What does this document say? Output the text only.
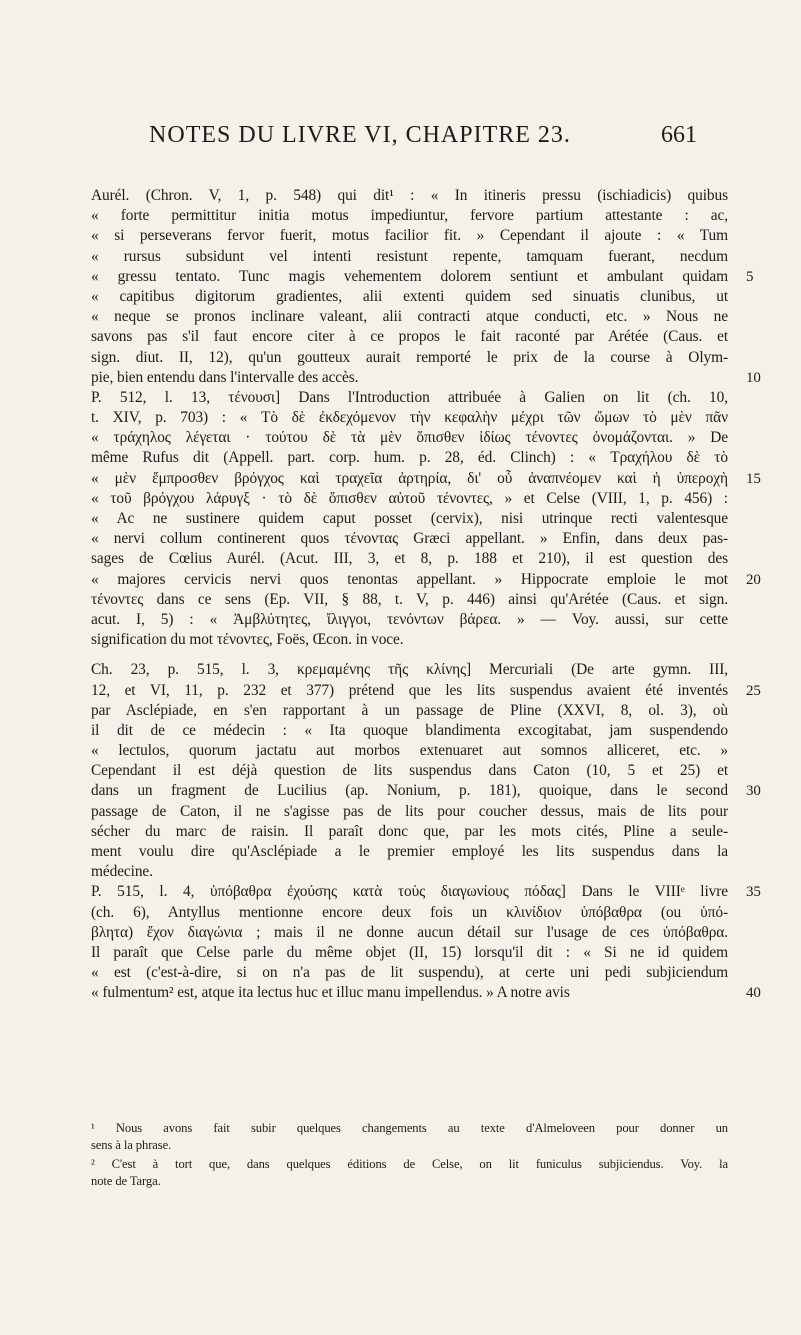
NOTES DU LIVRE VI, CHAPITRE 23.	661
Aurél. (Chron. V, 1, p. 548) qui dit¹ : « In itineris pressu (ischiadicis) quibus
« forte permittitur initia motus impediuntur, fervore partium attestante : ac,
« si perseverans fervor fuerit, motus facilior fit. » Cependant il ajoute : « Tum
« rursus subsidunt vel intenti resistunt repente, tamquam fuerant, necdum
« gressu tentato. Tunc magis vehementem dolorem sentiunt et ambulant quidam 5
« capitibus digitorum gradientes, alii extenti quidem sed sinuatis clunibus, ut
« neque se pronos inclinare valeant, alii contracti atque conducti, etc. » Nous ne
savons pas s'il faut encore citer à ce propos le fait raconté par Arétée (Caus. et
sign. diut. II, 12), qu'un goutteux aurait remporté le prix de la course à Olym-
pie, bien entendu dans l'intervalle des accès.	10
P. 512, l. 13, τένουσι] Dans l'Introduction attribuée à Galien on lit (ch. 10,
t. XIV, p. 703) : « Τὸ δὲ ἐκδεχόμενον τὴν κεφαλὴν μέχρι τῶν ὤμων τὸ μὲν πᾶν
« τράχηλος λέγεται · τούτου δὲ τὰ μὲν ὄπισθεν ἰδίως τένοντες ὀνομάζονται. » De
même Rufus dit (Appell. part. corp. hum. p. 28, éd. Clinch) : « Τραχήλου δὲ τὸ
« μὲν ἔμπροσθεν βρόγχος καὶ τραχεῖα ἀρτηρία, δι' οὗ ἀναπνέομεν καὶ ἡ ὑπεροχὴ 15
« τοῦ βρόγχου λάρυγξ · τὸ δὲ ὄπισθεν αὐτοῦ τένοντες, » et Celse (VIII, 1, p. 456) :
« Ac ne sustinere quidem caput posset (cervix), nisi utrinque recti valentesque
« nervi collum continerent quos τένοντας Græci appellant. » Enfin, dans deux pas-
sages de Cœlius Aurél. (Acut. III, 3, et 8, p. 188 et 210), il est question des
« majores cervicis nervi quos tenontas appellant. » Hippocrate emploie le mot 20
τένοντες dans ce sens (Ep. VII, § 88, t. V, p. 446) ainsi qu'Arétée (Caus. et sign.
acut. I, 5) : « Ἀμβλύτητες, ἴλιγγοι, τενόντων βάρεα. » — Voy. aussi, sur cette
signification du mot τένοντες, Foës, Œcon. in voce.
Ch. 23, p. 515, l. 3, κρεμαμένης τῆς κλίνης] Mercuriali (De arte gymn. III,
12, et VI, 11, p. 232 et 377) prétend que les lits suspendus avaient été inventés 25
par Asclépiade, en s'en rapportant à un passage de Pline (XXVI, 8, ol. 3), où
il dit de ce médecin : « Ita quoque blandimenta excogitabat, jam suspendendo
« lectulos, quorum jactatu aut morbos extenuaret aut somnos alliceret, etc. »
Cependant il est déjà question de lits suspendus dans Caton (10, 5 et 25) et
dans un fragment de Lucilius (ap. Nonium, p. 181), quoique, dans le second 30
passage de Caton, il ne s'agisse pas de lits pour coucher dessus, mais de lits pour
sécher du marc de raisin. Il paraît donc que, par les mots cités, Pline a seule-
ment voulu dire qu'Asclépiade a le premier employé les lits suspendus dans la
médecine.
P. 515, l. 4, ὑπόβαθρα ἐχούσης κατὰ τοὺς διαγωνίους πόδας] Dans le VIIIᵉ livre 35
(ch. 6), Antyllus mentionne encore deux fois un κλινίδιον ὑπόβαθρα (ou ὑπό-
βλητα) ἔχον διαγώνια ; mais il ne donne aucun détail sur l'usage de ces ὑπόβαθρα.
Il paraît que Celse parle du même objet (II, 15) lorsqu'il dit : « Si ne id quidem
« est (c'est-à-dire, si on n'a pas de lit suspendu), at certe uni pedi subjiciendum
« fulmentum² est, atque ita lectus huc et illuc manu impellendus. » A notre avis	40
¹ Nous avons fait subir quelques changements au texte d'Almeloveen pour donner un
sens à la phrase.
² C'est à tort que, dans quelques éditions de Celse, on lit funiculus subjiciendus. Voy. la
note de Targa.
